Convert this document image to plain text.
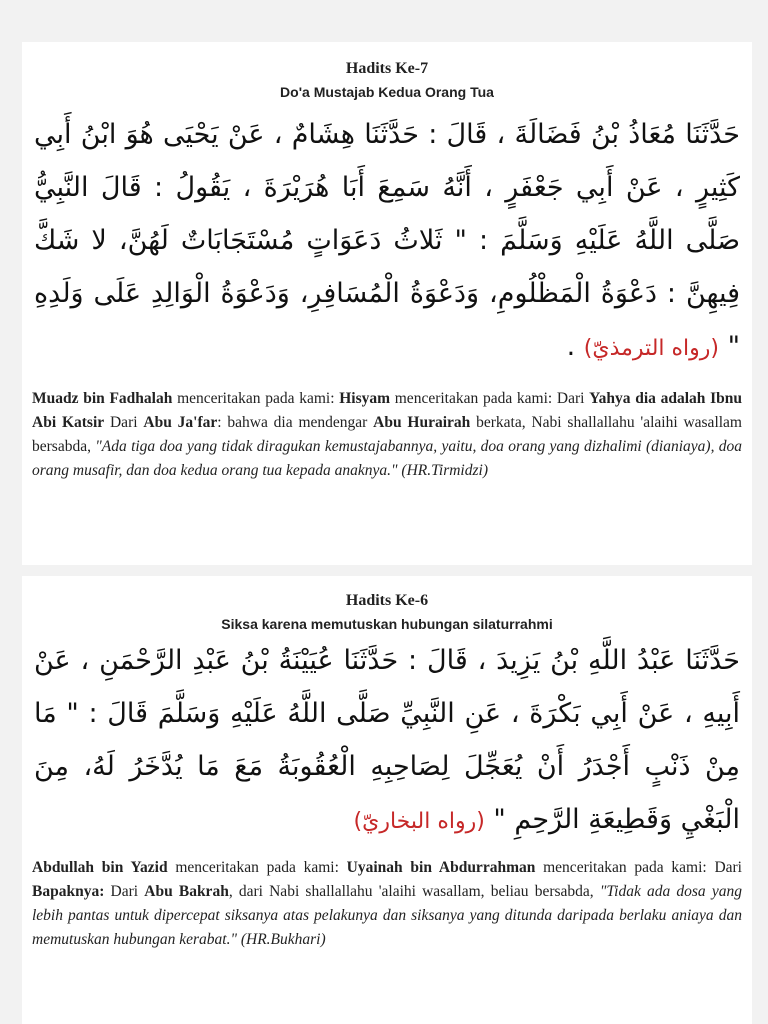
Hadits Ke-7

Do'a Mustajab Kedua Orang Tua

حَدَّثَنَا مُعَاذُ بْنُ فَضَالَةَ ، قَالَ : حَدَّثَنَا هِشَامٌ ، عَنْ يَحْيَى هُوَ ابْنُ أَبِي كَثِيرٍ ، عَنْ أَبِي جَعْفَرٍ ، أَنَّهُ سَمِعَ أَبَا هُرَيْرَةَ ، يَقُولُ : قَالَ النَّبِيُّ صَلَّى اللَّهُ عَلَيْهِ وَسَلَّمَ : " ثَلاثُ دَعَوَاتٍ مُسْتَجَابَاتٌ لَهُنَّ، لا شَكَّ فِيهِنَّ : دَعْوَةُ الْمَظْلُومِ، وَدَعْوَةُ الْمُسَافِرِ، وَدَعْوَةُ الْوَالِدِ عَلَى وَلَدِهِ " (رواه الترمذيّ) .

Muadz bin Fadhalah menceritakan pada kami: Hisyam menceritakan pada kami: Dari Yahya dia adalah Ibnu Abi Katsir Dari Abu Ja'far: bahwa dia mendengar Abu Hurairah berkata, Nabi shallallahu 'alaihi wasallam bersabda, "Ada tiga doa yang tidak diragukan kemustajabannya, yaitu, doa orang yang dizhalimi (dianiaya), doa orang musafir, dan doa kedua orang tua kepada anaknya." (HR.Tirmidzi)

Hadits Ke-6

Siksa karena memutuskan hubungan silaturrahmi

حَدَّثَنَا عَبْدُ اللَّهِ بْنُ يَزِيدَ ، قَالَ : حَدَّثَنَا عُيَيْنَةُ بْنُ عَبْدِ الرَّحْمَنِ ، عَنْ أَبِيهِ ، عَنْ أَبِي بَكْرَةَ ، عَنِ النَّبِيِّ صَلَّى اللَّهُ عَلَيْهِ وَسَلَّمَ قَالَ : " مَا مِنْ ذَنْبٍ أَجْدَرُ أَنْ يُعَجِّلَ لِصَاحِبِهِ الْعُقُوبَةُ مَعَ مَا يُدَّخَرُ لَهُ، مِنَ الْبَغْيِ وَقَطِيعَةِ الرَّحِمِ " (رواه البخاريّ)

Abdullah bin Yazid menceritakan pada kami: Uyainah bin Abdurrahman menceritakan pada kami: Dari Bapaknya: Dari Abu Bakrah, dari Nabi shallallahu 'alaihi wasallam, beliau bersabda, "Tidak ada dosa yang lebih pantas untuk dipercepat siksanya atas pelakunya dan siksanya yang ditunda daripada berlaku aniaya dan memutuskan hubungan kerabat." (HR.Bukhari)
